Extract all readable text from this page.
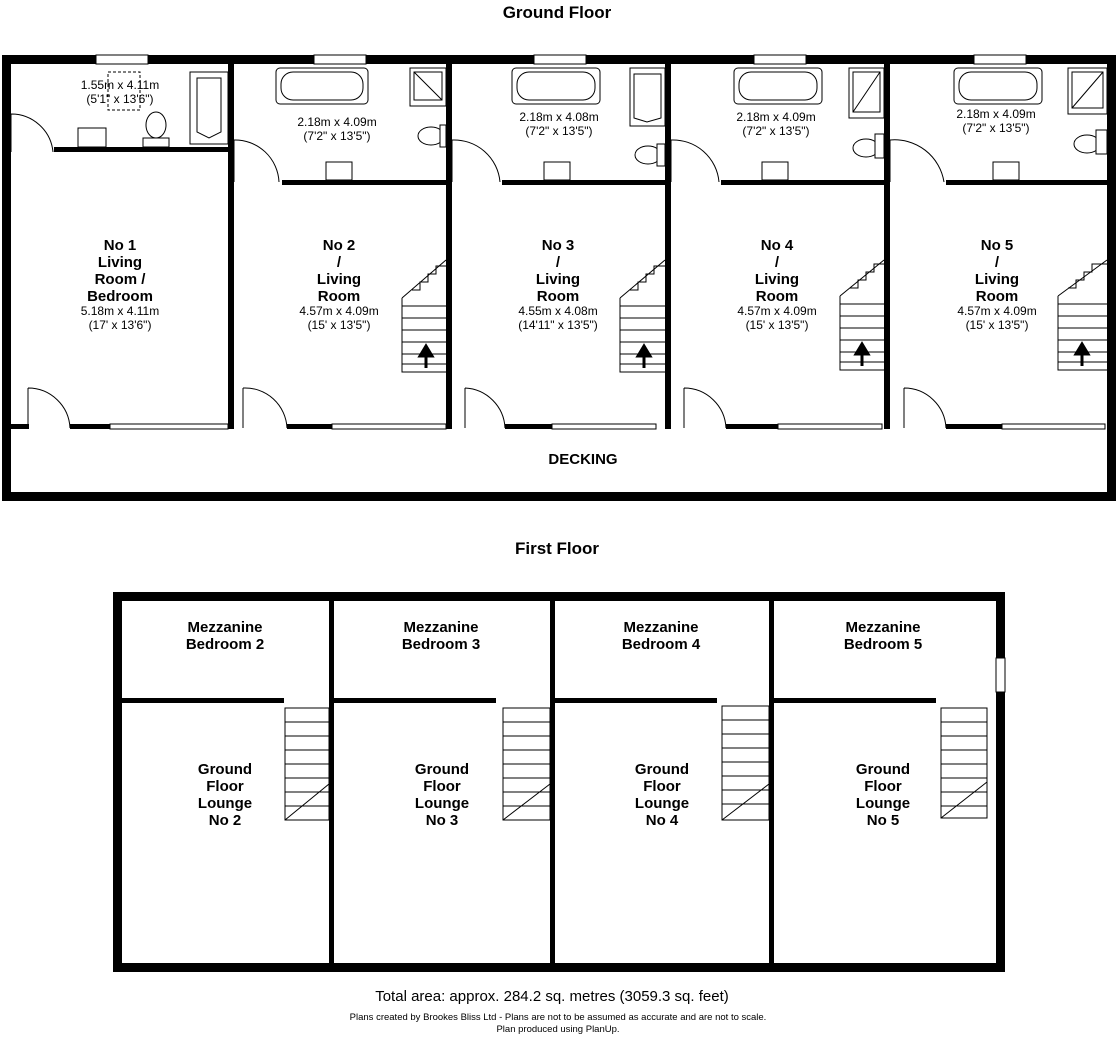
Ground Floor
1.55m x 4.11m
(5'1" x 13'6")
2.18m x 4.09m
(7'2" x 13'5")
2.18m x 4.08m
(7'2" x 13'5")
2.18m x 4.09m
(7'2" x 13'5")
2.18m x 4.09m
(7'2" x 13'5")
No 1
Living
Room /
Bedroom
5.18m x 4.11m
(17' x 13'6")
No 2
/
Living
Room
4.57m x 4.09m
(15' x 13'5")
No 3
/
Living
Room
4.55m x 4.08m
(14'11" x 13'5")
No 4
/
Living
Room
4.57m x 4.09m
(15' x 13'5")
No 5
/
Living
Room
4.57m x 4.09m
(15' x 13'5")
DECKING
First Floor
Mezzanine
Bedroom 2
Mezzanine
Bedroom 3
Mezzanine
Bedroom 4
Mezzanine
Bedroom 5
Ground
Floor
Lounge
No 2
Ground
Floor
Lounge
No 3
Ground
Floor
Lounge
No 4
Ground
Floor
Lounge
No 5
Total area: approx. 284.2 sq. metres (3059.3 sq. feet)
Plans created by Brookes Bliss Ltd - Plans are not to be assumed as accurate and are not to scale.
Plan produced using PlanUp.
